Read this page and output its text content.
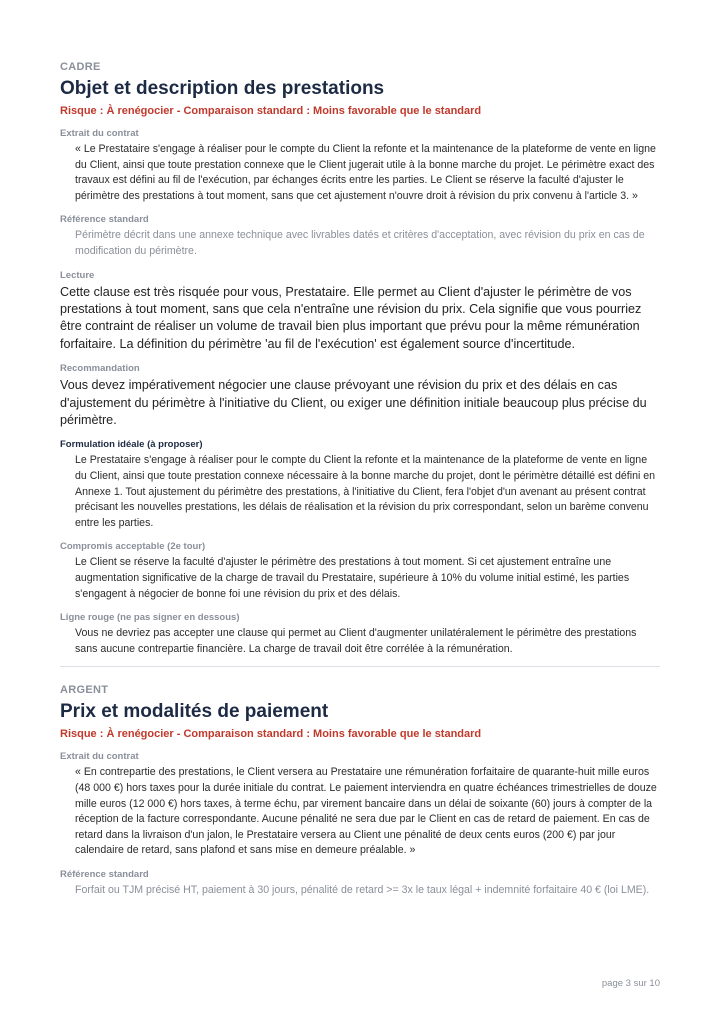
CADRE
Objet et description des prestations
Risque : À renégocier - Comparaison standard : Moins favorable que le standard
Extrait du contrat

« Le Prestataire s'engage à réaliser pour le compte du Client la refonte et la maintenance de la plateforme de vente en ligne du Client, ainsi que toute prestation connexe que le Client jugerait utile à la bonne marche du projet. Le périmètre exact des travaux est défini au fil de l'exécution, par échanges écrits entre les parties. Le Client se réserve la faculté d'ajuster le périmètre des prestations à tout moment, sans que cet ajustement n'ouvre droit à révision du prix convenu à l'article 3. »

Référence standard

Périmètre décrit dans une annexe technique avec livrables datés et critères d'acceptation, avec révision du prix en cas de modification du périmètre.

Lecture

Cette clause est très risquée pour vous, Prestataire. Elle permet au Client d'ajuster le périmètre de vos prestations à tout moment, sans que cela n'entraîne une révision du prix. Cela signifie que vous pourriez être contraint de réaliser un volume de travail bien plus important que prévu pour la même rémunération forfaitaire. La définition du périmètre 'au fil de l'exécution' est également source d'incertitude.

Recommandation

Vous devez impérativement négocier une clause prévoyant une révision du prix et des délais en cas d'ajustement du périmètre à l'initiative du Client, ou exiger une définition initiale beaucoup plus précise du périmètre.

Formulation idéale (à proposer)

Le Prestataire s'engage à réaliser pour le compte du Client la refonte et la maintenance de la plateforme de vente en ligne du Client, ainsi que toute prestation connexe nécessaire à la bonne marche du projet, dont le périmètre détaillé est défini en Annexe 1. Tout ajustement du périmètre des prestations, à l'initiative du Client, fera l'objet d'un avenant au présent contrat précisant les nouvelles prestations, les délais de réalisation et la révision du prix correspondant, selon un barème convenu entre les parties.

Compromis acceptable (2e tour)

Le Client se réserve la faculté d'ajuster le périmètre des prestations à tout moment. Si cet ajustement entraîne une augmentation significative de la charge de travail du Prestataire, supérieure à 10% du volume initial estimé, les parties s'engagent à négocier de bonne foi une révision du prix et des délais.

Ligne rouge (ne pas signer en dessous)

Vous ne devriez pas accepter une clause qui permet au Client d'augmenter unilatéralement le périmètre des prestations sans aucune contrepartie financière. La charge de travail doit être corrélée à la rémunération.

ARGENT
Prix et modalités de paiement
Risque : À renégocier - Comparaison standard : Moins favorable que le standard
Extrait du contrat

« En contrepartie des prestations, le Client versera au Prestataire une rémunération forfaitaire de quarante-huit mille euros (48 000 €) hors taxes pour la durée initiale du contrat. Le paiement interviendra en quatre échéances trimestrielles de douze mille euros (12 000 €) hors taxes, à terme échu, par virement bancaire dans un délai de soixante (60) jours à compter de la réception de la facture correspondante. Aucune pénalité ne sera due par le Client en cas de retard de paiement. En cas de retard dans la livraison d'un jalon, le Prestataire versera au Client une pénalité de deux cents euros (200 €) par jour calendaire de retard, sans plafond et sans mise en demeure préalable. »

Référence standard

Forfait ou TJM précisé HT, paiement à 30 jours, pénalité de retard >= 3x le taux légal + indemnité forfaitaire 40 € (loi LME).

page 3 sur 10
